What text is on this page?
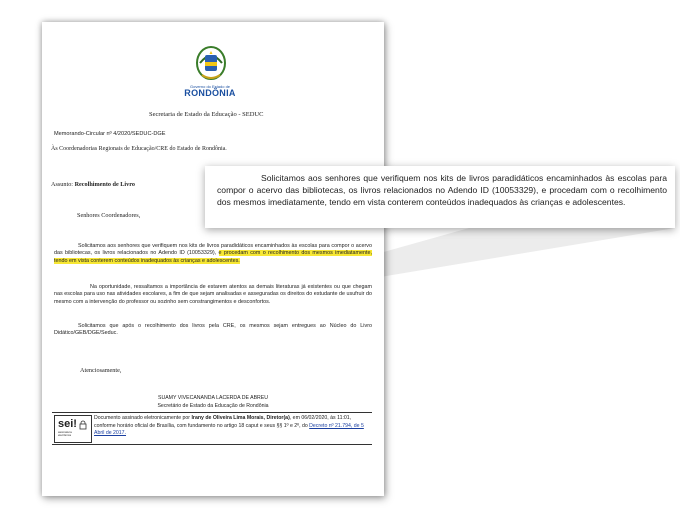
Governo do Estado de
RONDÔNIA
Secretaria de Estado da Educação - SEDUC
Memorando-Circular nº 4/2020/SEDUC-DGE
Às Coordenadorias Regionais de Educação/CRE do Estado de Rondônia.
Assunto: Recolhimento de Livro
Senhores Coordenadores,
Solicitamos aos senhores que verifiquem nos kits de livros paradidáticos encaminhados às escolas para compor o acervo das bibliotecas, os livros relacionados no Adendo ID (10053329), e procedam com o recolhimento dos mesmos imediatamente, tendo em vista conterem conteúdos inadequados às crianças e adolescentes.
Na oportunidade, ressaltamos a importância de estarem atentos as demais literaturas já existentes ou que chegam nas escolas para uso nas atividades escolares, a fim de que sejam analisadas e asseguradas os direitos do estudante de usufruir do mesmo com a intervenção do professor ou sozinho sem constrangimentos e desconfortos.
Solicitamos que após o recolhimento dos livros pela CRE, os mesmos sejam entregues ao Núcleo do Livro Didático/GEB/DGE/Seduc.
Atenciosamente,
SUAMY VIVECANANDA LACERDA DE ABREU
Secretário de Estado da Educação de Rondônia
sei!
assinatura
eletrônica
Documento assinado eletronicamente por Irany de Oliveira Lima Morais, Diretor(a), em 06/02/2020, às 11:01, conforme horário oficial de Brasília, com fundamento no artigo 18 caput e seus §§ 1º e 2º, do Decreto nº 21.794, de 5 Abril de 2017.
Solicitamos aos senhores que verifiquem nos kits de livros paradidáticos encaminhados às escolas para compor o acervo das bibliotecas, os livros relacionados no Adendo ID (10053329), e procedam com o recolhimento dos mesmos imediatamente, tendo em vista conterem conteúdos inadequados às crianças e adolescentes.
